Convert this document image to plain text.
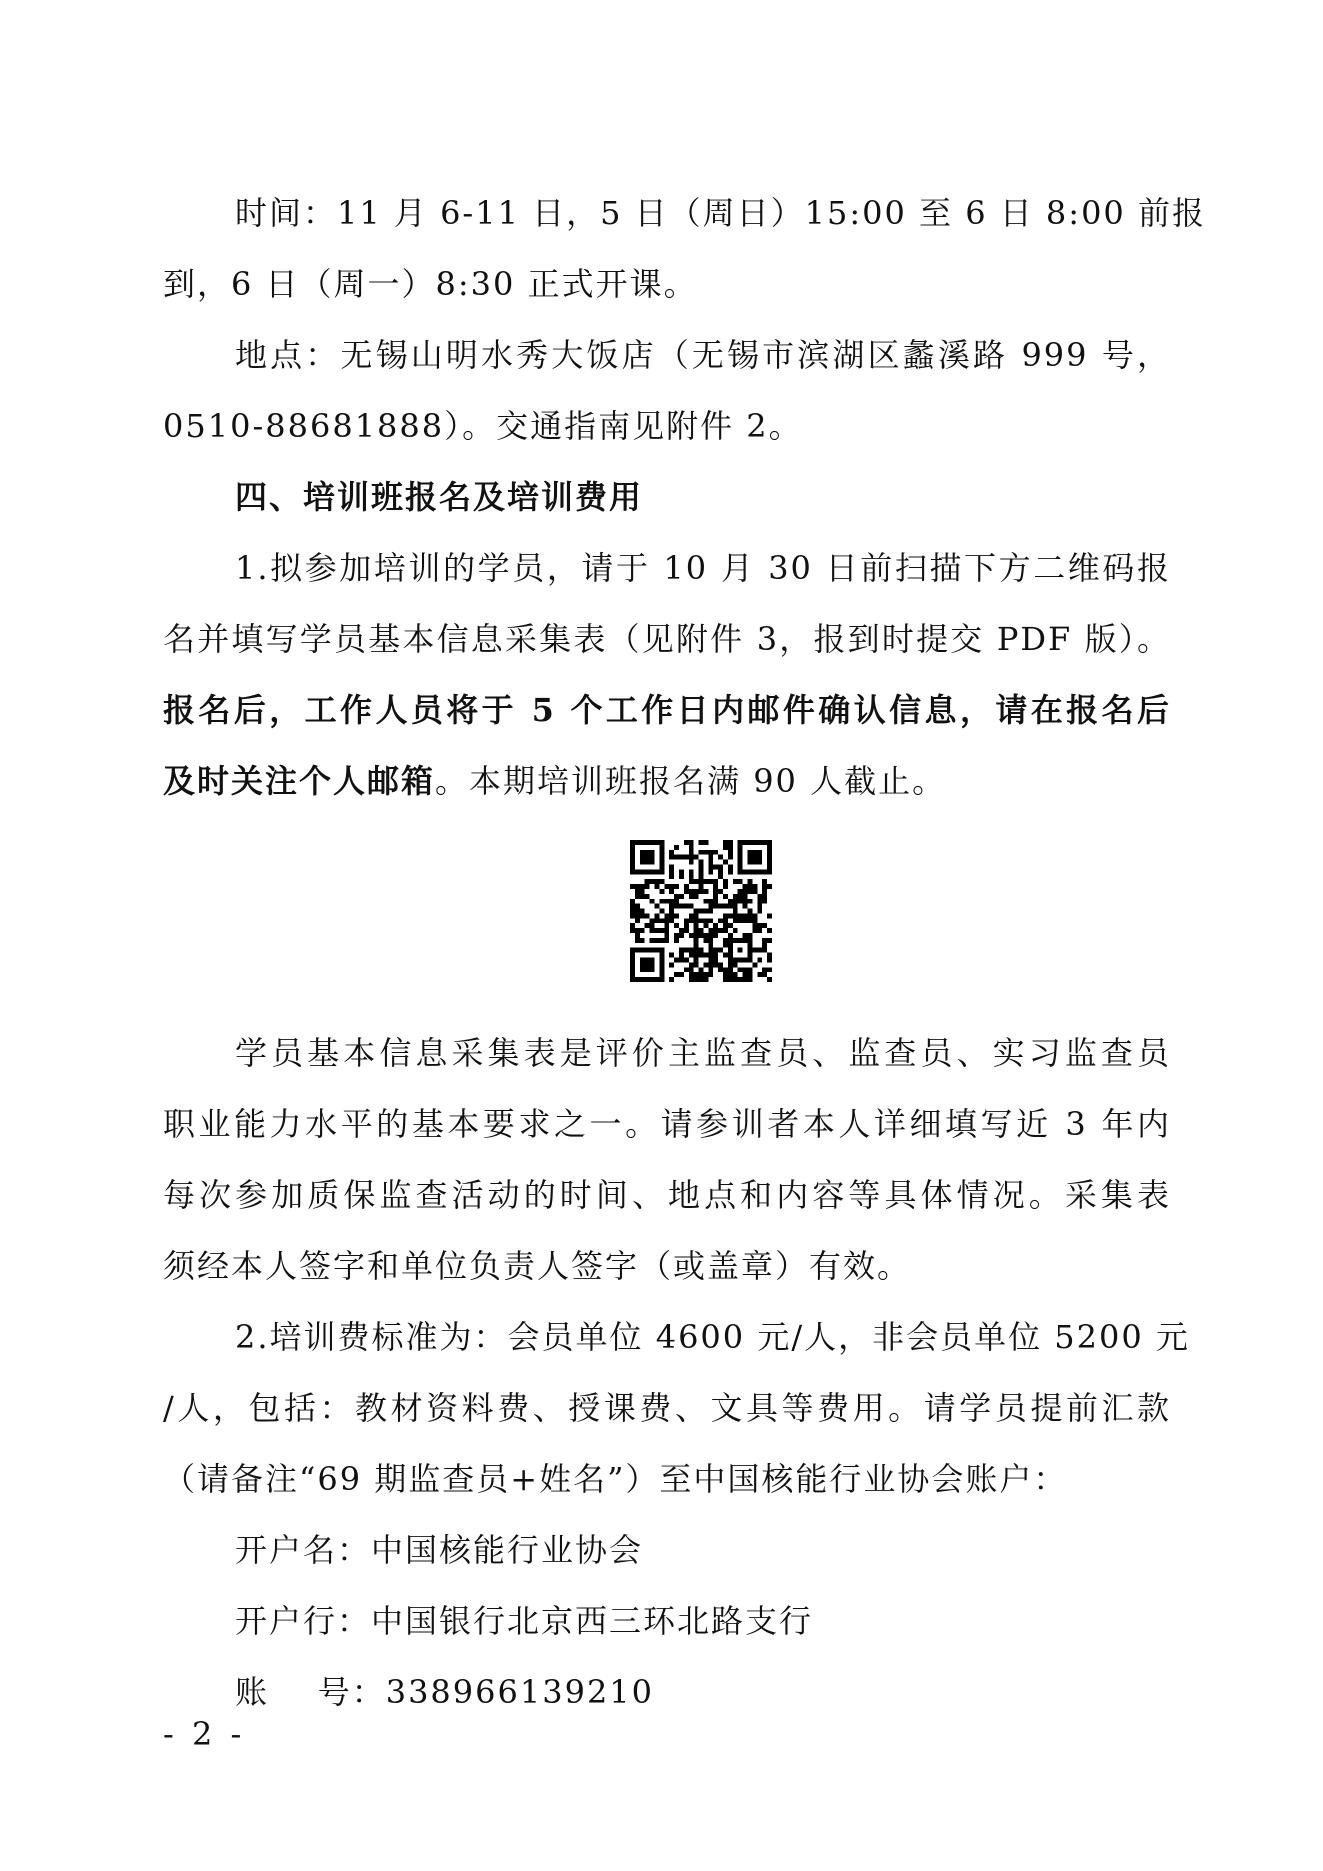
时间：11 月 6-11 日，5 日（周日）15:00 至 6 日 8:00 前报
到，6 日（周一）8:30 正式开课。

地点：无锡山明水秀大饭店（无锡市滨湖区蠡溪路 999 号，
0510-88681888）。交通指南见附件 2。

四、培训班报名及培训费用

1.拟参加培训的学员，请于 10 月 30 日前扫描下方二维码报
名并填写学员基本信息采集表（见附件 3，报到时提交 PDF 版）。
报名后，工作人员将于 5 个工作日内邮件确认信息，请在报名后
及时关注个人邮箱。本期培训班报名满 90 人截止。

学员基本信息采集表是评价主监查员、监查员、实习监查员
职业能力水平的基本要求之一。请参训者本人详细填写近 3 年内
每次参加质保监查活动的时间、地点和内容等具体情况。采集表
须经本人签字和单位负责人签字（或盖章）有效。

2.培训费标准为：会员单位 4600 元/人，非会员单位 5200 元
/人，包括：教材资料费、授课费、文具等费用。请学员提前汇款
（请备注“69 期监查员+姓名”）至中国核能行业协会账户：

开户名：中国核能行业协会
开户行：中国银行北京西三环北路支行
账    号：338966139210

- 2 -
